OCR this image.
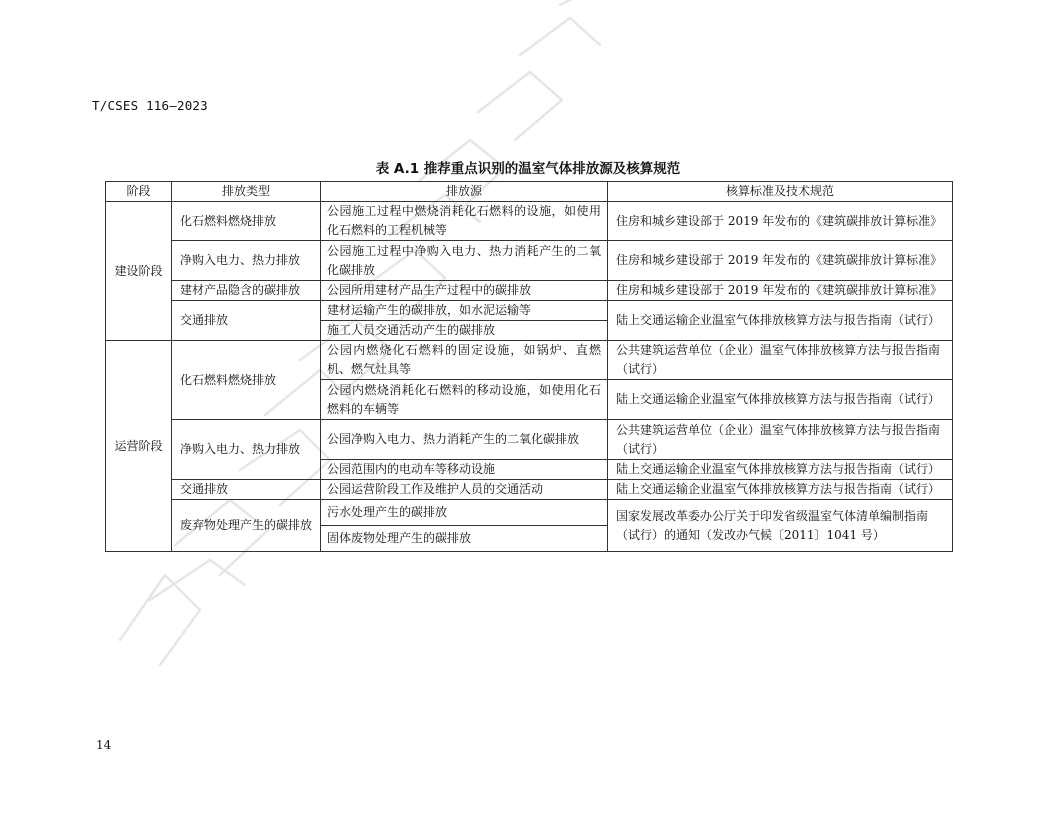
T/CSES 116—2023
表 A.1 推荐重点识别的温室气体排放源及核算规范
阶段	排放类型	排放源	核算标准及技术规范
建设阶段	化石燃料燃烧排放	公园施工过程中燃烧消耗化石燃料的设施，如使用化石燃料的工程机械等	住房和城乡建设部于 2019 年发布的《建筑碳排放计算标准》
	净购入电力、热力排放	公园施工过程中净购入电力、热力消耗产生的二氧化碳排放	住房和城乡建设部于 2019 年发布的《建筑碳排放计算标准》
	建材产品隐含的碳排放	公园所用建材产品生产过程中的碳排放	住房和城乡建设部于 2019 年发布的《建筑碳排放计算标准》
	交通排放	建材运输产生的碳排放，如水泥运输等	陆上交通运输企业温室气体排放核算方法与报告指南（试行）
		施工人员交通活动产生的碳排放	
运营阶段	化石燃料燃烧排放	公园内燃烧化石燃料的固定设施，如锅炉、直燃机、燃气灶具等	公共建筑运营单位（企业）温室气体排放核算方法与报告指南（试行）
		公园内燃烧消耗化石燃料的移动设施，如使用化石燃料的车辆等	陆上交通运输企业温室气体排放核算方法与报告指南（试行）
	净购入电力、热力排放	公园净购入电力、热力消耗产生的二氧化碳排放	公共建筑运营单位（企业）温室气体排放核算方法与报告指南（试行）
		公园范围内的电动车等移动设施	陆上交通运输企业温室气体排放核算方法与报告指南（试行）
	交通排放	公园运营阶段工作及维护人员的交通活动	陆上交通运输企业温室气体排放核算方法与报告指南（试行）
	废弃物处理产生的碳排放	污水处理产生的碳排放	国家发展改革委办公厅关于印发省级温室气体清单编制指南（试行）的通知（发改办气候〔2011〕1041 号）
		固体废物处理产生的碳排放	
14
